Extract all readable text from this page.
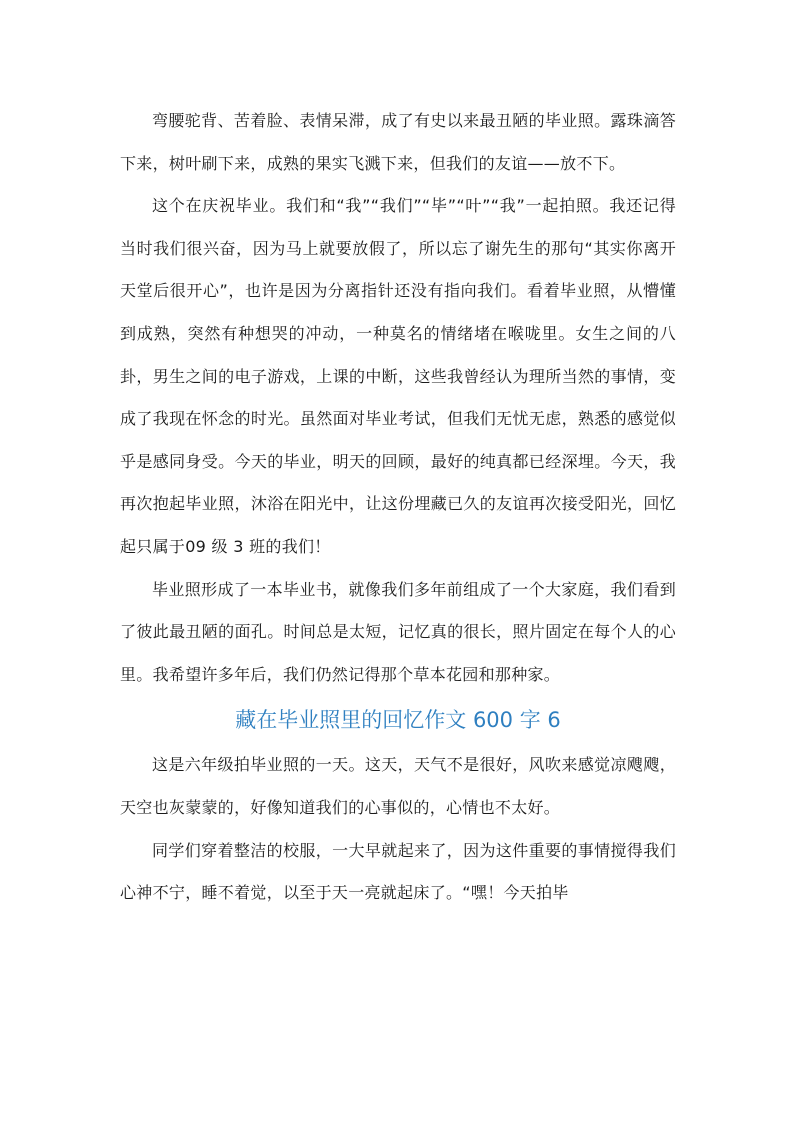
弯腰驼背、苦着脸、表情呆滞，成了有史以来最丑陋的毕业照。露珠滴答下来，树叶刷下来，成熟的果实飞溅下来，但我们的友谊——放不下。

这个在庆祝毕业。我们和“我”“我们”“毕”“叶”“我”一起拍照。我还记得当时我们很兴奋，因为马上就要放假了，所以忘了谢先生的那句“其实你离开天堂后很开心”，也许是因为分离指针还没有指向我们。看着毕业照，从懵懂到成熟，突然有种想哭的冲动，一种莫名的情绪堵在喉咙里。女生之间的八卦，男生之间的电子游戏，上课的中断，这些我曾经认为理所当然的事情，变成了我现在怀念的时光。虽然面对毕业考试，但我们无忧无虑，熟悉的感觉似乎是感同身受。今天的毕业，明天的回顾，最好的纯真都已经深埋。今天，我再次抱起毕业照，沐浴在阳光中，让这份埋藏已久的友谊再次接受阳光，回忆起只属于09 级 3 班的我们！

毕业照形成了一本毕业书，就像我们多年前组成了一个大家庭，我们看到了彼此最丑陋的面孔。时间总是太短，记忆真的很长，照片固定在每个人的心里。我希望许多年后，我们仍然记得那个草本花园和那种家。

藏在毕业照里的回忆作文 600 字 6

这是六年级拍毕业照的一天。这天，天气不是很好，风吹来感觉凉飕飕，天空也灰蒙蒙的，好像知道我们的心事似的，心情也不太好。

同学们穿着整洁的校服，一大早就起来了，因为这件重要的事情搅得我们心神不宁，睡不着觉，以至于天一亮就起床了。“嘿！今天拍毕
